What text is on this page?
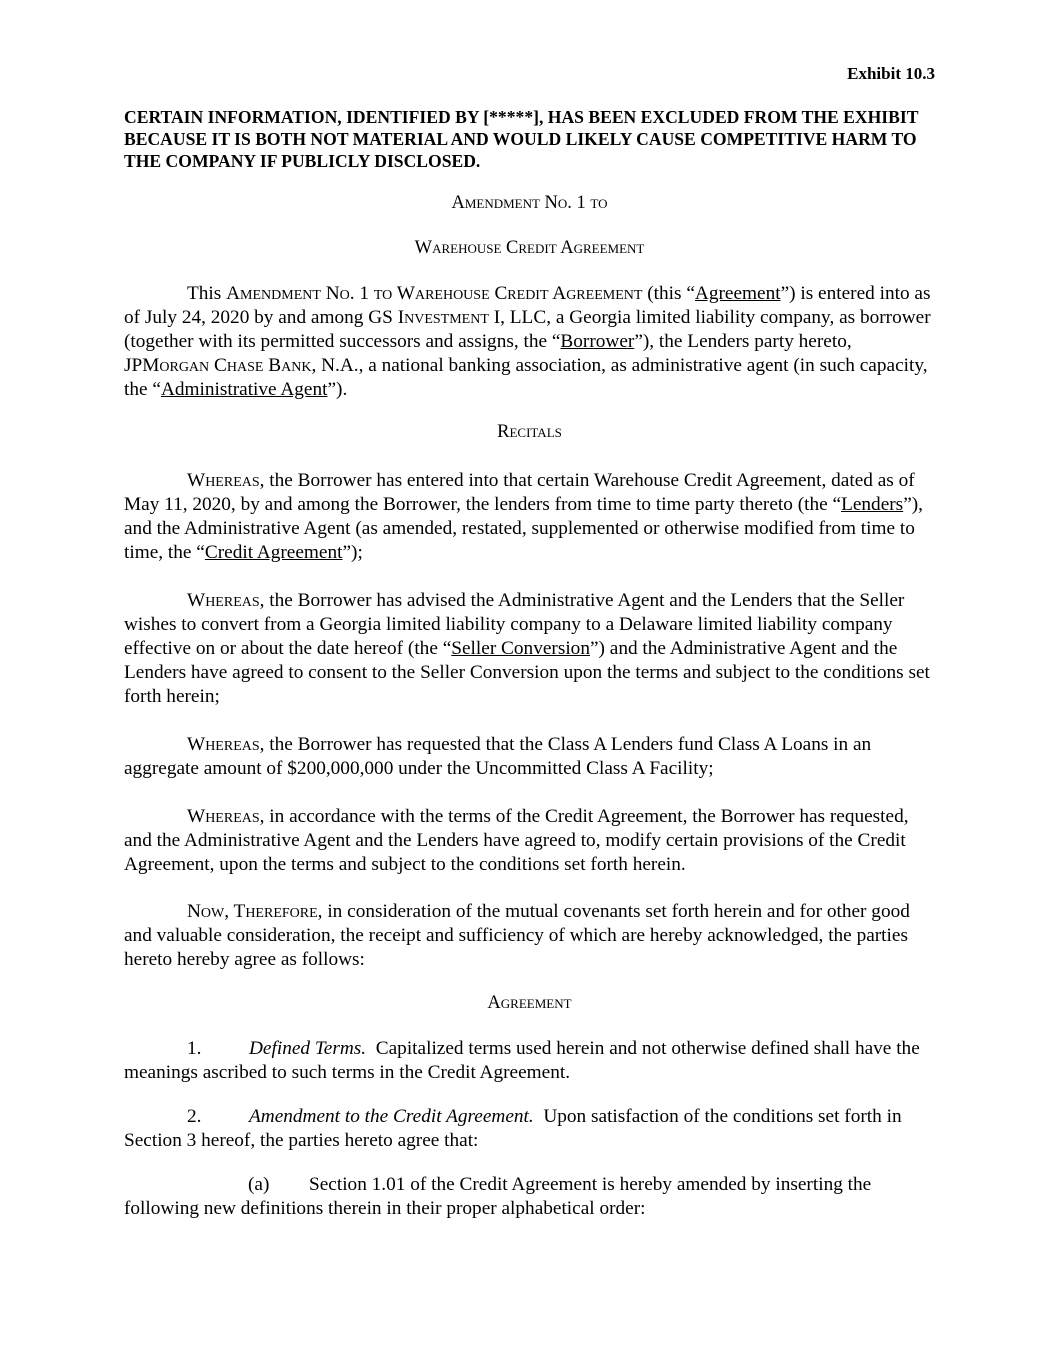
Exhibit 10.3
CERTAIN INFORMATION, IDENTIFIED BY [*****], HAS BEEN EXCLUDED FROM THE EXHIBIT BECAUSE IT IS BOTH NOT MATERIAL AND WOULD LIKELY CAUSE COMPETITIVE HARM TO THE COMPANY IF PUBLICLY DISCLOSED.
Amendment No. 1 to
Warehouse Credit Agreement
This Amendment No. 1 to Warehouse Credit Agreement (this “Agreement”) is entered into as of July 24, 2020 by and among GS Investment I, LLC, a Georgia limited liability company, as borrower (together with its permitted successors and assigns, the “Borrower”), the Lenders party hereto, JPMorgan Chase Bank, N.A., a national banking association, as administrative agent (in such capacity, the “Administrative Agent”).
Recitals
Whereas, the Borrower has entered into that certain Warehouse Credit Agreement, dated as of May 11, 2020, by and among the Borrower, the lenders from time to time party thereto (the “Lenders”), and the Administrative Agent (as amended, restated, supplemented or otherwise modified from time to time, the “Credit Agreement”);
Whereas, the Borrower has advised the Administrative Agent and the Lenders that the Seller wishes to convert from a Georgia limited liability company to a Delaware limited liability company effective on or about the date hereof (the “Seller Conversion”) and the Administrative Agent and the Lenders have agreed to consent to the Seller Conversion upon the terms and subject to the conditions set forth herein;
Whereas, the Borrower has requested that the Class A Lenders fund Class A Loans in an aggregate amount of $200,000,000 under the Uncommitted Class A Facility;
Whereas, in accordance with the terms of the Credit Agreement, the Borrower has requested, and the Administrative Agent and the Lenders have agreed to, modify certain provisions of the Credit Agreement, upon the terms and subject to the conditions set forth herein.
Now, Therefore, in consideration of the mutual covenants set forth herein and for other good and valuable consideration, the receipt and sufficiency of which are hereby acknowledged, the parties hereto hereby agree as follows:
Agreement
1. Defined Terms.  Capitalized terms used herein and not otherwise defined shall have the meanings ascribed to such terms in the Credit Agreement.
2. Amendment to the Credit Agreement.  Upon satisfaction of the conditions set forth in Section 3 hereof, the parties hereto agree that:
(a) Section 1.01 of the Credit Agreement is hereby amended by inserting the following new definitions therein in their proper alphabetical order:
